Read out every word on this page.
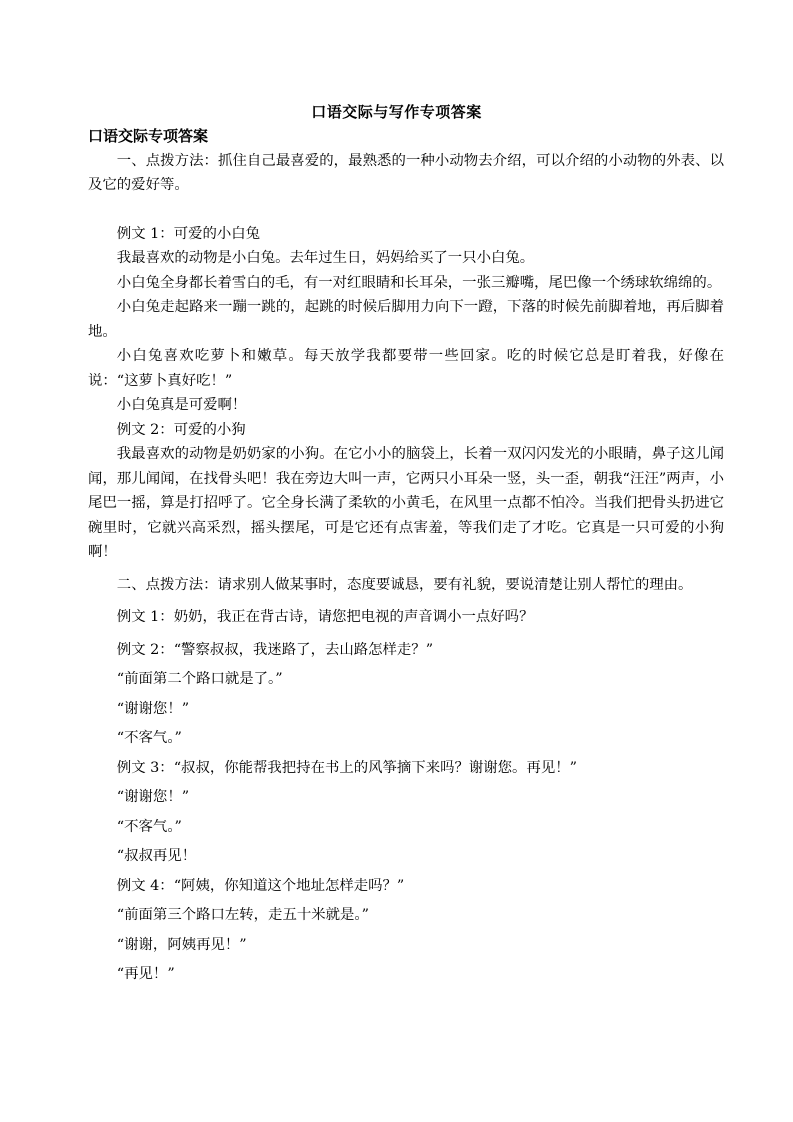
口语交际与写作专项答案

口语交际专项答案

一、点拨方法：抓住自己最喜爱的，最熟悉的一种小动物去介绍，可以介绍的小动物的外表、以及它的爱好等。

例文 1：可爱的小白兔

我最喜欢的动物是小白兔。去年过生日，妈妈给买了一只小白兔。

小白兔全身都长着雪白的毛，有一对红眼睛和长耳朵，一张三瓣嘴，尾巴像一个绣球软绵绵的。

小白兔走起路来一蹦一跳的，起跳的时候后脚用力向下一蹬，下落的时候先前脚着地，再后脚着地。

小白兔喜欢吃萝卜和嫩草。每天放学我都要带一些回家。吃的时候它总是盯着我，好像在说：“这萝卜真好吃！”

小白兔真是可爱啊！

例文 2：可爱的小狗

我最喜欢的动物是奶奶家的小狗。在它小小的脑袋上，长着一双闪闪发光的小眼睛，鼻子这儿闻闻，那儿闻闻，在找骨头吧！我在旁边大叫一声，它两只小耳朵一竖，头一歪，朝我“汪汪”两声，小尾巴一摇，算是打招呼了。它全身长满了柔软的小黄毛，在风里一点都不怕冷。当我们把骨头扔进它碗里时，它就兴高采烈，摇头摆尾，可是它还有点害羞，等我们走了才吃。它真是一只可爱的小狗啊！

二、点拨方法：请求别人做某事时，态度要诚恳，要有礼貌，要说清楚让别人帮忙的理由。

例文 1：奶奶，我正在背古诗，请您把电视的声音调小一点好吗？

例文 2：“警察叔叔，我迷路了，去山路怎样走？”

“前面第二个路口就是了。”

“谢谢您！”

“不客气。”

例文 3：“叔叔，你能帮我把持在书上的风筝摘下来吗？谢谢您。再见！”

“谢谢您！”

“不客气。”

“叔叔再见！

例文 4：“阿姨，你知道这个地址怎样走吗？”

“前面第三个路口左转，走五十米就是。”

“谢谢，阿姨再见！”

“再见！”
